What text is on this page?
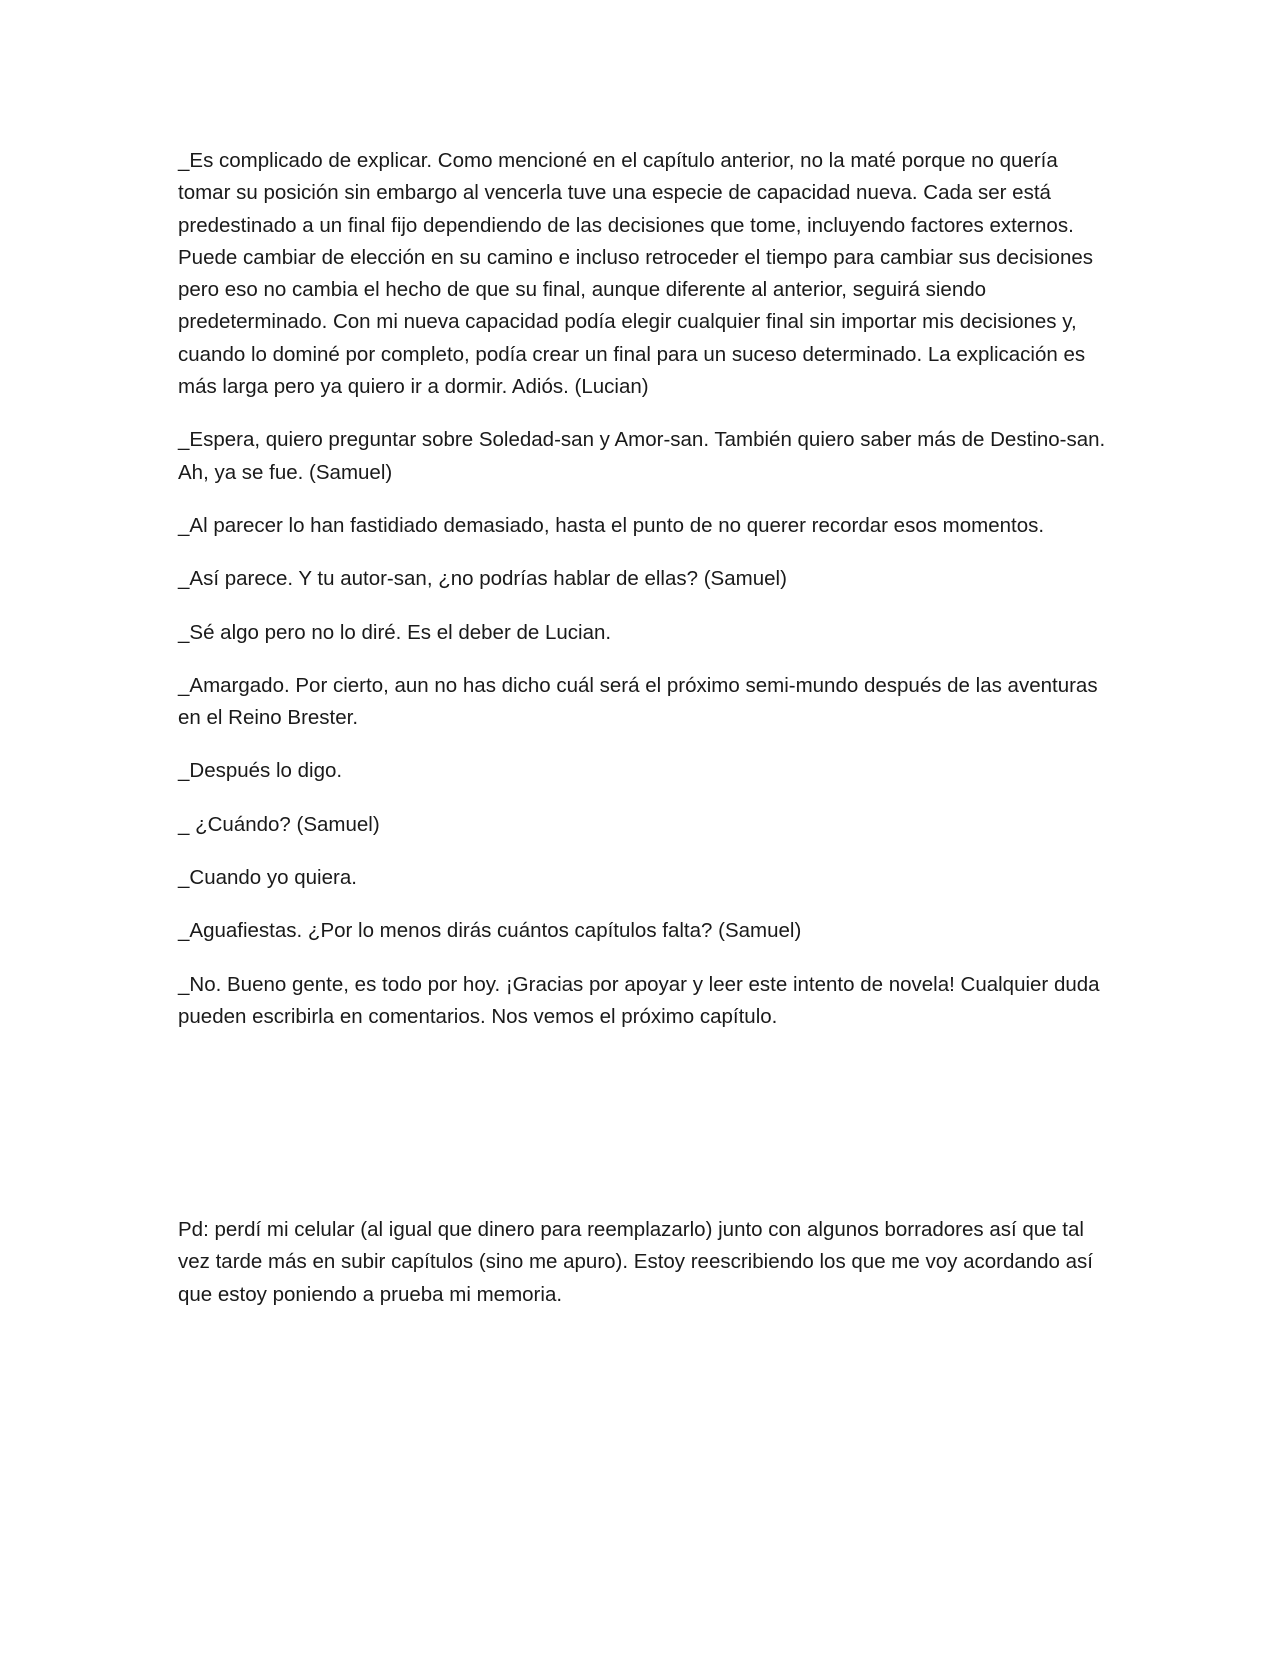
_Es complicado de explicar. Como mencioné en el capítulo anterior, no la maté porque no quería tomar su posición sin embargo al vencerla tuve una especie de capacidad nueva. Cada ser está predestinado a un final fijo dependiendo de las decisiones que tome, incluyendo factores externos. Puede cambiar de elección en su camino e incluso retroceder el tiempo para cambiar sus decisiones pero eso no cambia el hecho de que su final, aunque diferente al anterior, seguirá siendo predeterminado. Con mi nueva capacidad podía elegir cualquier final sin importar mis decisiones y, cuando lo dominé por completo, podía crear un final para un suceso determinado. La explicación es más larga pero ya quiero ir a dormir. Adiós. (Lucian)

_Espera, quiero preguntar sobre Soledad-san y Amor-san. También quiero saber más de Destino-san. Ah, ya se fue. (Samuel)

_Al parecer lo han fastidiado demasiado, hasta el punto de no querer recordar esos momentos.

_Así parece. Y tu autor-san, ¿no podrías hablar de ellas? (Samuel)

_Sé algo pero no lo diré. Es el deber de Lucian.

_Amargado. Por cierto, aun no has dicho cuál será el próximo semi-mundo después de las aventuras en el Reino Brester.

_Después lo digo.

_ ¿Cuándo? (Samuel)

_Cuando yo quiera.

_Aguafiestas. ¿Por lo menos dirás cuántos capítulos falta? (Samuel)

_No. Bueno gente, es todo por hoy. ¡Gracias por apoyar y leer este intento de novela! Cualquier duda pueden escribirla en comentarios. Nos vemos el próximo capítulo.

Pd: perdí mi celular (al igual que dinero para reemplazarlo) junto con algunos borradores así que tal vez tarde más en subir capítulos (sino me apuro). Estoy reescribiendo los que me voy acordando así que estoy poniendo a prueba mi memoria.
